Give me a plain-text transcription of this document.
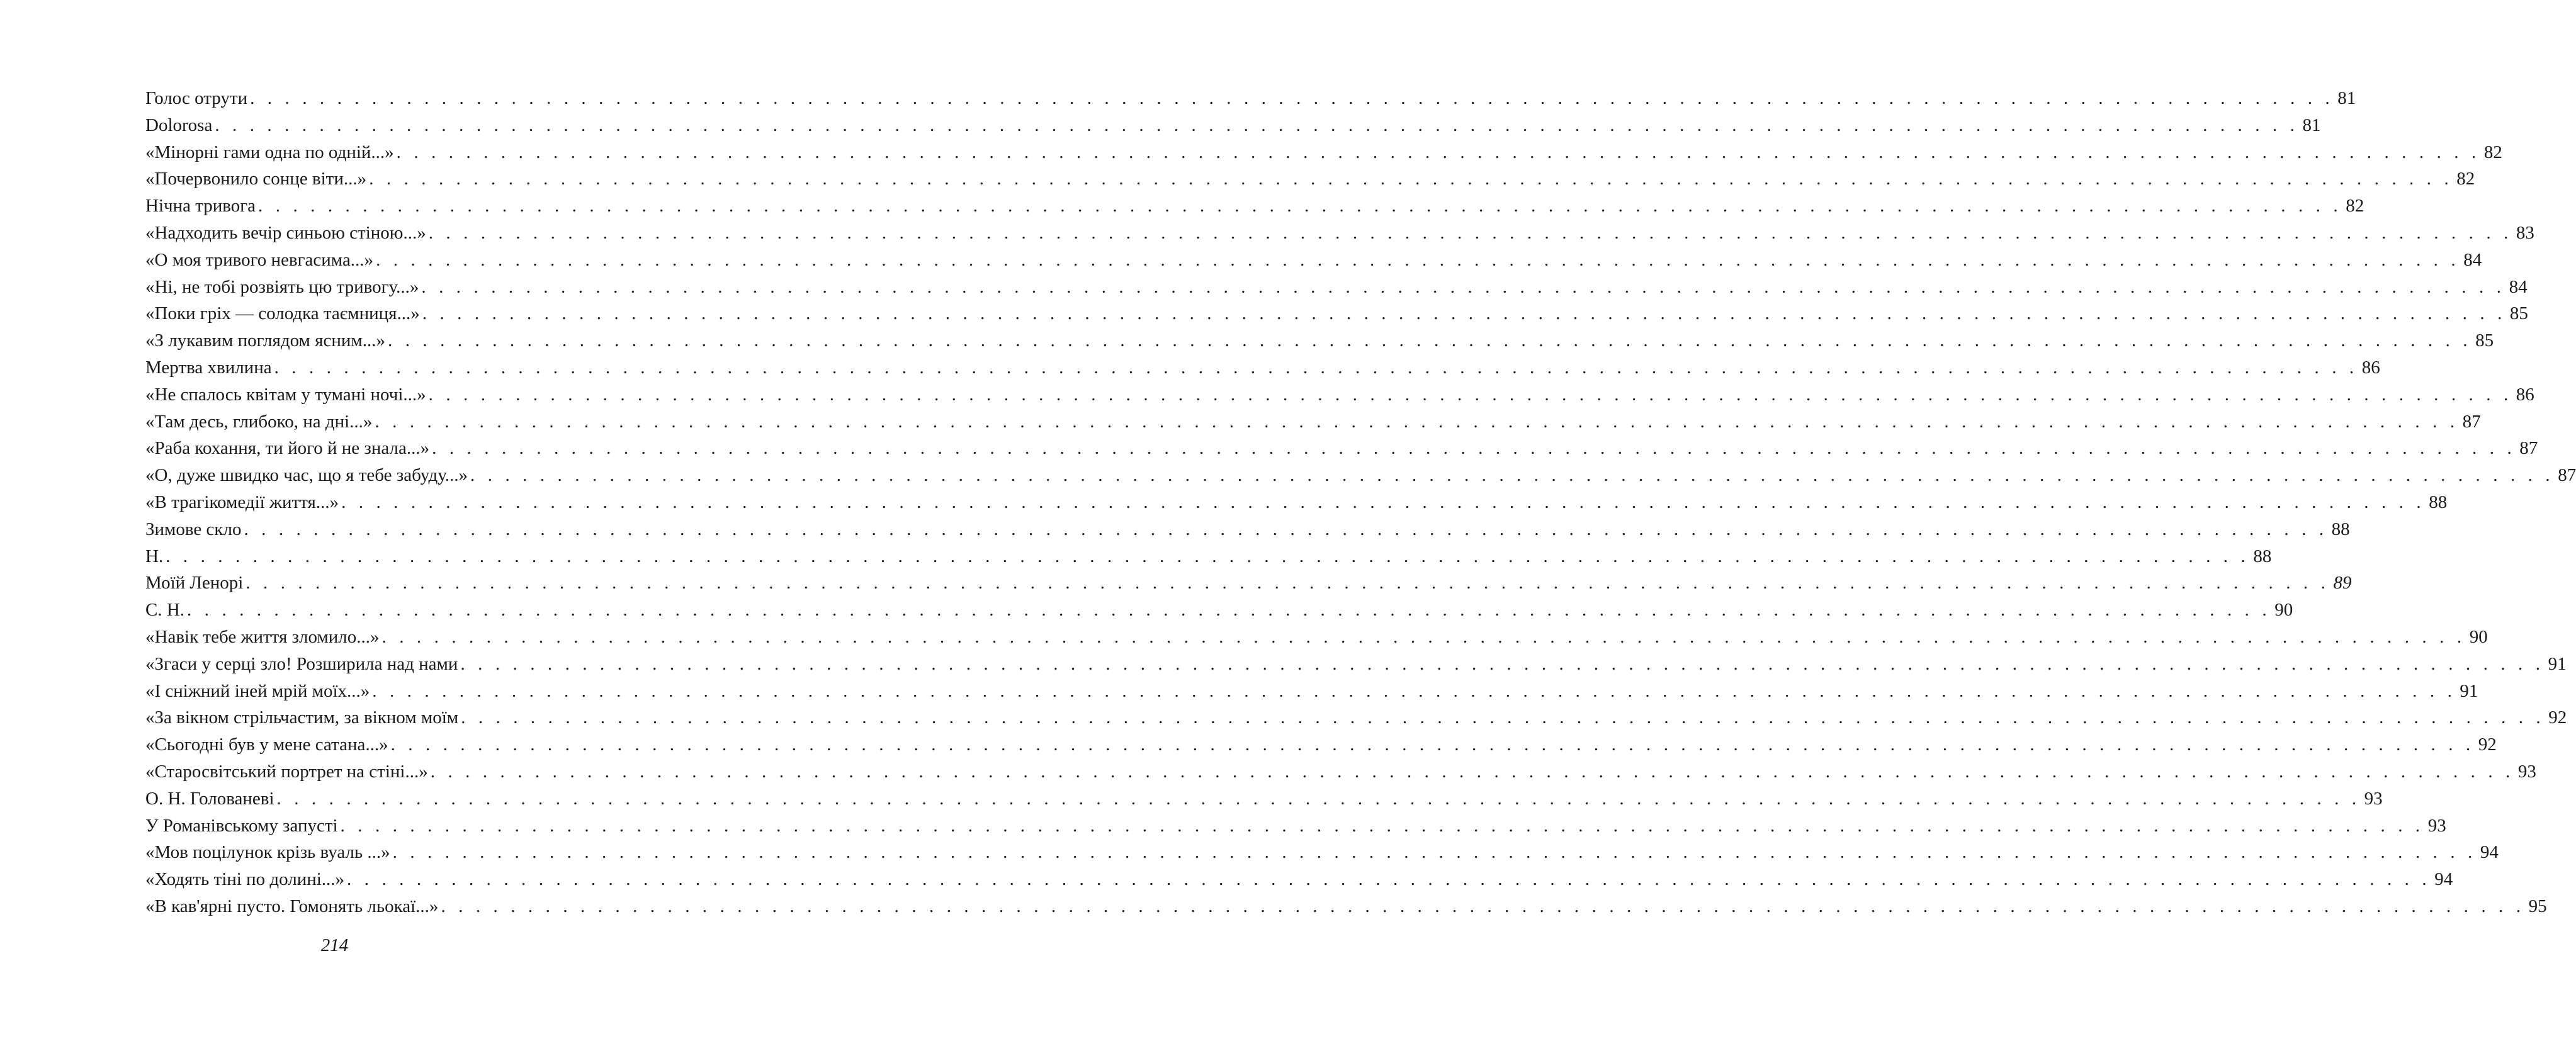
Голос отрути . . . . . . . . . . . . . . . . . . . . . . . . . . . . . . . . . . . . . . . . . . . . . . . . . . . . . . . . . . . . . . . . . . . . . . . . . . . . . . . . . . . . . . . . . . . . . . . . . . . . . . . . . . . . . . . . . . . . . . . . 81
Dolorosa . . . . . . . . . . . . . . . . . . . . . . . . . . . . . . . . . . . . . . . . . . . . . . . . . . . . . . . . . . . . . . . . . . . . . . . . . . . . . . . . . . . . . . . . . . . . . . . . . . . . . . . . . . . . . . . . . . . . . . . . 81
«Мінорні гами одна по одній...» . . . . . . . . . . . . . . . . . . . . . . . . . . . . . . . . . . . . . . . . . . . . . . . . . . . . . . . . . . . . . . . . . . . . . . . . . . . . . . . . . . . . . . . . . . . . . . . . . . . . . . . . . . . . . . . . . . . . . . . . 82
«Почервонило сонце віти...» . . . . . . . . . . . . . . . . . . . . . . . . . . . . . . . . . . . . . . . . . . . . . . . . . . . . . . . . . . . . . . . . . . . . . . . . . . . . . . . . . . . . . . . . . . . . . . . . . . . . . . . . . . . . . . . . . . . . . . . . 82
Нічна тривога . . . . . . . . . . . . . . . . . . . . . . . . . . . . . . . . . . . . . . . . . . . . . . . . . . . . . . . . . . . . . . . . . . . . . . . . . . . . . . . . . . . . . . . . . . . . . . . . . . . . . . . . . . . . . . . . . . . . . . . . 82
«Надходить вечір синьою стіною...» . . . . . . . . . . . . . . . . . . . . . . . . . . . . . . . . . . . . . . . . . . . . . . . . . . . . . . . . . . . . . . . . . . . . . . . . . . . . . . . . . . . . . . . . . . . . . . . . . . . . . . . . . . . . . . . . . . . . . . . . 83
«О моя тривого невгасима...» . . . . . . . . . . . . . . . . . . . . . . . . . . . . . . . . . . . . . . . . . . . . . . . . . . . . . . . . . . . . . . . . . . . . . . . . . . . . . . . . . . . . . . . . . . . . . . . . . . . . . . . . . . . . . . . . . . . . . . . . 84
«Ні, не тобі розвіять цю тривогу...» . . . . . . . . . . . . . . . . . . . . . . . . . . . . . . . . . . . . . . . . . . . . . . . . . . . . . . . . . . . . . . . . . . . . . . . . . . . . . . . . . . . . . . . . . . . . . . . . . . . . . . . . . . . . . . . . . . . . . . . . 84
«Поки гріх — солодка таємниця...» . . . . . . . . . . . . . . . . . . . . . . . . . . . . . . . . . . . . . . . . . . . . . . . . . . . . . . . . . . . . . . . . . . . . . . . . . . . . . . . . . . . . . . . . . . . . . . . . . . . . . . . . . . . . . . . . . . . . . . . . 85
«З лукавим поглядом ясним...» . . . . . . . . . . . . . . . . . . . . . . . . . . . . . . . . . . . . . . . . . . . . . . . . . . . . . . . . . . . . . . . . . . . . . . . . . . . . . . . . . . . . . . . . . . . . . . . . . . . . . . . . . . . . . . . . . . . . . . . . 85
Мертва хвилина . . . . . . . . . . . . . . . . . . . . . . . . . . . . . . . . . . . . . . . . . . . . . . . . . . . . . . . . . . . . . . . . . . . . . . . . . . . . . . . . . . . . . . . . . . . . . . . . . . . . . . . . . . . . . . . . . . . . . . . . 86
«Не спалось квітам у тумані ночі...» . . . . . . . . . . . . . . . . . . . . . . . . . . . . . . . . . . . . . . . . . . . . . . . . . . . . . . . . . . . . . . . . . . . . . . . . . . . . . . . . . . . . . . . . . . . . . . . . . . . . . . . . . . . . . . . . . . . . . . . . 86
«Там десь, глибоко, на дні...» . . . . . . . . . . . . . . . . . . . . . . . . . . . . . . . . . . . . . . . . . . . . . . . . . . . . . . . . . . . . . . . . . . . . . . . . . . . . . . . . . . . . . . . . . . . . . . . . . . . . . . . . . . . . . . . . . . . . . . . . 87
«Раба кохання, ти його й не знала...» . . . . . . . . . . . . . . . . . . . . . . . . . . . . . . . . . . . . . . . . . . . . . . . . . . . . . . . . . . . . . . . . . . . . . . . . . . . . . . . . . . . . . . . . . . . . . . . . . . . . . . . . . . . . . . . . . . . . . . . . 87
«О, дуже швидко час, що я тебе забуду...» . . . . . . . . . . . . . . . . . . . . . . . . . . . . . . . . . . . . . . . . . . . . . . . . . . . . . . . . . . . . . . . . . . . . . . . . . . . . . . . . . . . . . . . . . . . . . . . . . . . . . . . . . . . . . . . . . . . . . . . . 87
«В трагікомедії життя...» . . . . . . . . . . . . . . . . . . . . . . . . . . . . . . . . . . . . . . . . . . . . . . . . . . . . . . . . . . . . . . . . . . . . . . . . . . . . . . . . . . . . . . . . . . . . . . . . . . . . . . . . . . . . . . . . . . . . . . . . 88
Зимове скло . . . . . . . . . . . . . . . . . . . . . . . . . . . . . . . . . . . . . . . . . . . . . . . . . . . . . . . . . . . . . . . . . . . . . . . . . . . . . . . . . . . . . . . . . . . . . . . . . . . . . . . . . . . . . . . . . . . . . . . . 88
Н. . . . . . . . . . . . . . . . . . . . . . . . . . . . . . . . . . . . . . . . . . . . . . . . . . . . . . . . . . . . . . . . . . . . . . . . . . . . . . . . . . . . . . . . . . . . . . . . . . . . . . . . . . . . . . . . . . . . . . . . . 88
Моїй Ленорі . . . . . . . . . . . . . . . . . . . . . . . . . . . . . . . . . . . . . . . . . . . . . . . . . . . . . . . . . . . . . . . . . . . . . . . . . . . . . . . . . . . . . . . . . . . . . . . . . . . . . . . . . . . . . . . . . . . . . . . . 89
С. Н. . . . . . . . . . . . . . . . . . . . . . . . . . . . . . . . . . . . . . . . . . . . . . . . . . . . . . . . . . . . . . . . . . . . . . . . . . . . . . . . . . . . . . . . . . . . . . . . . . . . . . . . . . . . . . . . . . . . . . . . . 90
«Навік тебе життя зломило...» . . . . . . . . . . . . . . . . . . . . . . . . . . . . . . . . . . . . . . . . . . . . . . . . . . . . . . . . . . . . . . . . . . . . . . . . . . . . . . . . . . . . . . . . . . . . . . . . . . . . . . . . . . . . . . . . . . . . . . . . 90
«Згаси у серці зло! Розширила над нами . . . . . . . . . . . . . . . . . . . . . . . . . . . . . . . . . . . . . . . . . . . . . . . . . . . . . . . . . . . . . . . . . . . . . . . . . . . . . . . . . . . . . . . . . . . . . . . . . . . . . . . . . . . . . . . . . . . . . . . . 91
«І сніжний іней мрій моїх...» . . . . . . . . . . . . . . . . . . . . . . . . . . . . . . . . . . . . . . . . . . . . . . . . . . . . . . . . . . . . . . . . . . . . . . . . . . . . . . . . . . . . . . . . . . . . . . . . . . . . . . . . . . . . . . . . . . . . . . . . 91
«За вікном стрільчастим, за вікном моїм . . . . . . . . . . . . . . . . . . . . . . . . . . . . . . . . . . . . . . . . . . . . . . . . . . . . . . . . . . . . . . . . . . . . . . . . . . . . . . . . . . . . . . . . . . . . . . . . . . . . . . . . . . . . . . . . . . . . . . . . 92
«Сьогодні був у мене сатана...» . . . . . . . . . . . . . . . . . . . . . . . . . . . . . . . . . . . . . . . . . . . . . . . . . . . . . . . . . . . . . . . . . . . . . . . . . . . . . . . . . . . . . . . . . . . . . . . . . . . . . . . . . . . . . . . . . . . . . . . . 92
«Старосвітський портрет на стіні...» . . . . . . . . . . . . . . . . . . . . . . . . . . . . . . . . . . . . . . . . . . . . . . . . . . . . . . . . . . . . . . . . . . . . . . . . . . . . . . . . . . . . . . . . . . . . . . . . . . . . . . . . . . . . . . . . . . . . . . . . 93
О. Н. Голованеві . . . . . . . . . . . . . . . . . . . . . . . . . . . . . . . . . . . . . . . . . . . . . . . . . . . . . . . . . . . . . . . . . . . . . . . . . . . . . . . . . . . . . . . . . . . . . . . . . . . . . . . . . . . . . . . . . . . . . . . . 93
У Романівському запусті . . . . . . . . . . . . . . . . . . . . . . . . . . . . . . . . . . . . . . . . . . . . . . . . . . . . . . . . . . . . . . . . . . . . . . . . . . . . . . . . . . . . . . . . . . . . . . . . . . . . . . . . . . . . . . . . . . . . . . . . 93
«Мов поцілунок крізь вуаль ...» . . . . . . . . . . . . . . . . . . . . . . . . . . . . . . . . . . . . . . . . . . . . . . . . . . . . . . . . . . . . . . . . . . . . . . . . . . . . . . . . . . . . . . . . . . . . . . . . . . . . . . . . . . . . . . . . . . . . . . . . 94
«Ходять тіні по долині...» . . . . . . . . . . . . . . . . . . . . . . . . . . . . . . . . . . . . . . . . . . . . . . . . . . . . . . . . . . . . . . . . . . . . . . . . . . . . . . . . . . . . . . . . . . . . . . . . . . . . . . . . . . . . . . . . . . . . . . . . 94
«В кав'ярні пусто. Гомонять льокаї...» . . . . . . . . . . . . . . . . . . . . . . . . . . . . . . . . . . . . . . . . . . . . . . . . . . . . . . . . . . . . . . . . . . . . . . . . . . . . . . . . . . . . . . . . . . . . . . . . . . . . . . . . . . . . . . . . . . . . . . . . 95
214
